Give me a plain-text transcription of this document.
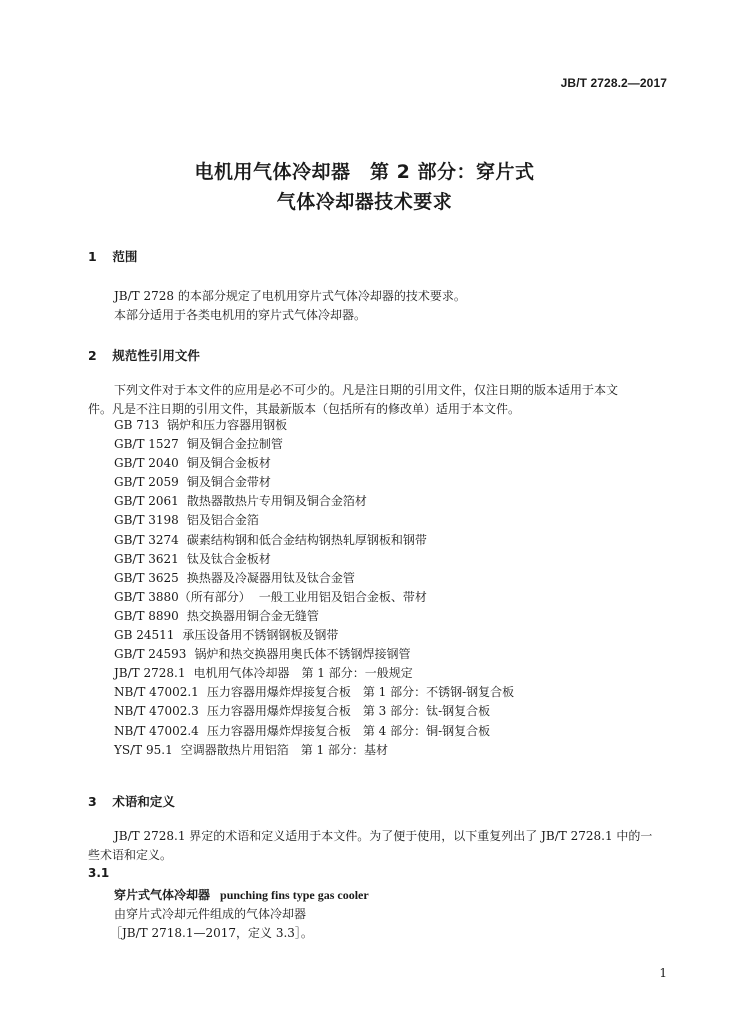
JB/T 2728.2—2017
电机用气体冷却器　第 2 部分：穿片式
气体冷却器技术要求
1 范围
JB/T 2728 的本部分规定了电机用穿片式气体冷却器的技术要求。
本部分适用于各类电机用的穿片式气体冷却器。
2 规范性引用文件
下列文件对于本文件的应用是必不可少的。凡是注日期的引用文件，仅注日期的版本适用于本文
件。凡是不注日期的引用文件，其最新版本（包括所有的修改单）适用于本文件。
GB 713 锅炉和压力容器用钢板
GB/T 1527 铜及铜合金拉制管
GB/T 2040 铜及铜合金板材
GB/T 2059 铜及铜合金带材
GB/T 2061 散热器散热片专用铜及铜合金箔材
GB/T 3198 铝及铝合金箔
GB/T 3274 碳素结构钢和低合金结构钢热轧厚钢板和钢带
GB/T 3621 钛及钛合金板材
GB/T 3625 换热器及冷凝器用钛及钛合金管
GB/T 3880（所有部分） 一般工业用铝及铝合金板、带材
GB/T 8890 热交换器用铜合金无缝管
GB 24511 承压设备用不锈钢钢板及钢带
GB/T 24593 锅炉和热交换器用奥氏体不锈钢焊接钢管
JB/T 2728.1 电机用气体冷却器　第 1 部分：一般规定
NB/T 47002.1 压力容器用爆炸焊接复合板　第 1 部分：不锈钢-钢复合板
NB/T 47002.3 压力容器用爆炸焊接复合板　第 3 部分：钛-钢复合板
NB/T 47002.4 压力容器用爆炸焊接复合板　第 4 部分：铜-钢复合板
YS/T 95.1 空调器散热片用铝箔　第 1 部分：基材
3 术语和定义
JB/T 2728.1 界定的术语和定义适用于本文件。为了便于使用，以下重复列出了 JB/T 2728.1 中的一
些术语和定义。
3.1
穿片式气体冷却器 punching fins type gas cooler
由穿片式冷却元件组成的气体冷却器
［JB/T 2718.1—2017，定义 3.3］。
1
